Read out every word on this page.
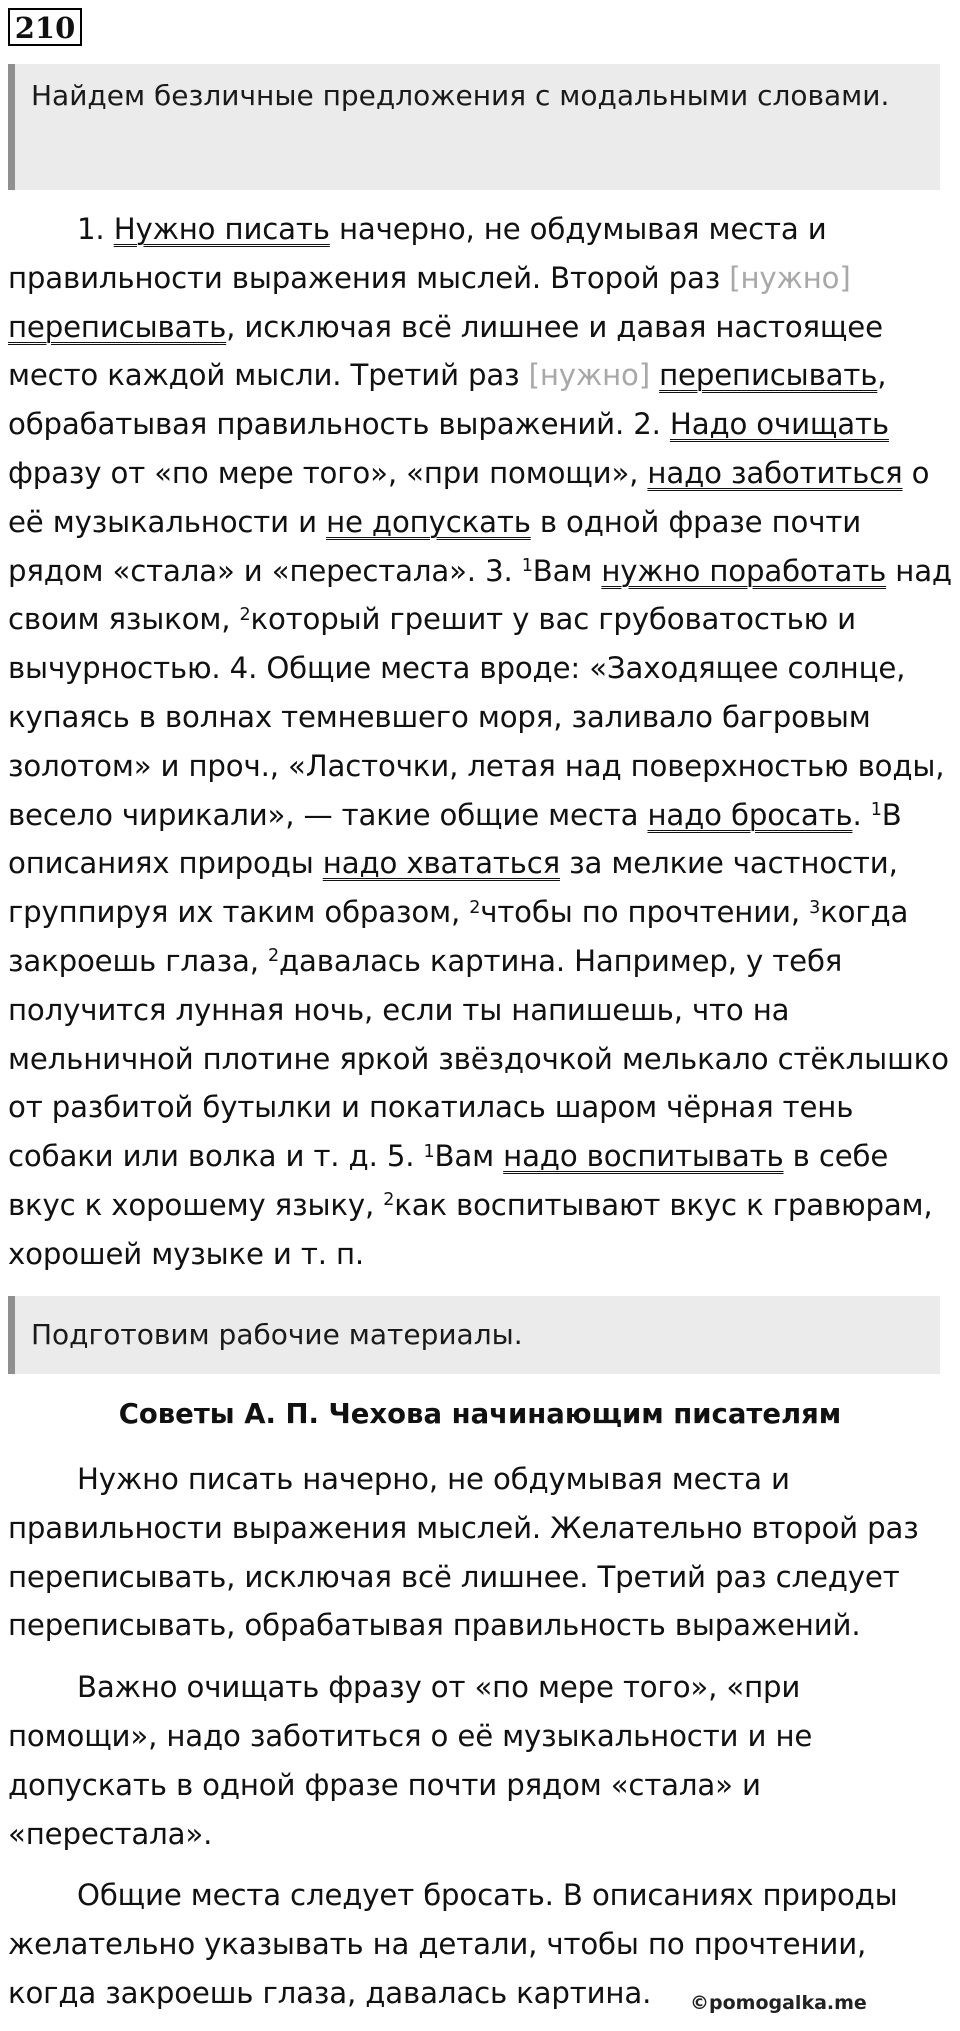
210
Найдем безличные предложения с модальными словами.

1. Нужно писать начерно, не обдумывая места и правильности выражения мыслей. Второй раз [нужно] переписывать, исключая всё лишнее и давая настоящее место каждой мысли. Третий раз [нужно] переписывать, обрабатывая правильность выражений. 2. Надо очищать фразу от «по мере того», «при помощи», надо заботиться о её музыкальности и не допускать в одной фразе почти рядом «стала» и «перестала». 3. $^1$Вам нужно поработать над своим языком, $^2$который грешит у вас грубоватостью и вычурностью. 4. Общие места вроде: «Заходящее солнце, купаясь в волнах темневшего моря, заливало багровым золотом» и проч., «Ласточки, летая над поверхностью воды, весело чирикали», — такие общие места надо бросать. $^1$В описаниях природы надо хвататься за мелкие частности, группируя их таким образом, $^2$чтобы по прочтении, $^3$когда закроешь глаза, $^2$давалась картина. Например, у тебя получится лунная ночь, если ты напишешь, что на мельничной плотине яркой звёздочкой мелькало стёклышко от разбитой бутылки и покатилась шаром чёрная тень собаки или волка и т. д. 5. $^1$Вам надо воспитывать в себе вкус к хорошему языку, $^2$как воспитывают вкус к гравюрам, хорошей музыке и т. п.

Подготовим рабочие материалы.
Советы А. П. Чехова начинающим писателям

Нужно писать начерно, не обдумывая места и правильности выражения мыслей. Желательно второй раз переписывать, исключая всё лишнее. Третий раз следует переписывать, обрабатывая правильность выражений.

Важно очищать фразу от «по мере того», «при помощи», надо заботиться о её музыкальности и не допускать в одной фразе почти рядом «стала» и «перестала».

Общие места следует бросать. В описаниях природы желательно указывать на детали, чтобы по прочтении, когда закроешь глаза, давалась картина.	©pomogalka.me
